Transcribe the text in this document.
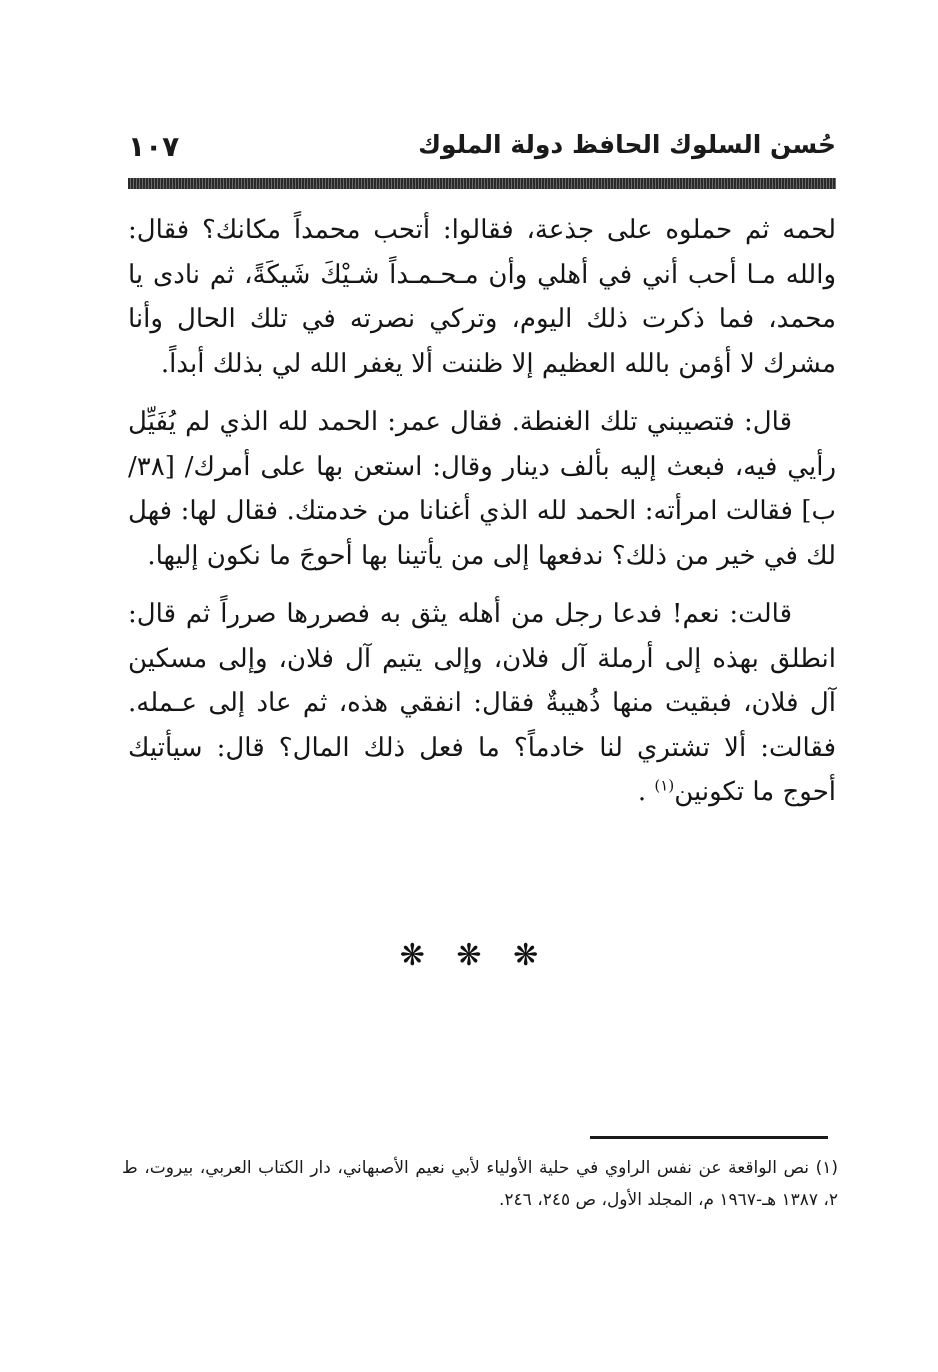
حُسن السلوك الحافظ دولة الملوك
١٠٧

لحمه ثم حملوه على جذعة، فقالوا: أتحب محمداً مكانك؟ فقال: والله مـا أحب أني في أهلي وأن مـحـمـداً شـيْكَ شَيكَةً، ثم نادى يا محمد، فما ذكرت ذلك اليوم، وتركي نصرته في تلك الحال وأنا مشرك لا أؤمن بالله العظيم إلا ظننت ألا يغفر الله لي بذلك أبداً.

قال: فتصيبني تلك الغنطة. فقال عمر: الحمد لله الذي لم يُفَيِّل رأيي فيه، فبعث إليه بألف دينار وقال: استعن بها على أمرك/ [٣٨/ ب] فقالت امرأته: الحمد لله الذي أغنانا من خدمتك. فقال لها: فهل لك في خير من ذلك؟ ندفعها إلى من يأتينا بها أحوجَ ما نكون إليها.

قالت: نعم! فدعا رجل من أهله يثق به فصررها صرراً ثم قال: انطلق بهذه إلى أرملة آل فلان، وإلى يتيم آل فلان، وإلى مسكين آل فلان، فبقيت منها ذُهيبةٌ فقال: انفقي هذه، ثم عاد إلى عـمله. فقالت: ألا تشتري لنا خادماً؟ ما فعل ذلك المال؟ قال: سيأتيك أحوج ما تكونين$^{(١)}$ .

❋ ❋ ❋
(١) نص الواقعة عن نفس الراوي في حلية الأولياء لأبي نعيم الأصبهاني، دار الكتاب العربي، بيروت، ط ٢، ١٣٨٧ هـ-١٩٦٧ م، المجلد الأول، ص ٢٤٥، ٢٤٦.
